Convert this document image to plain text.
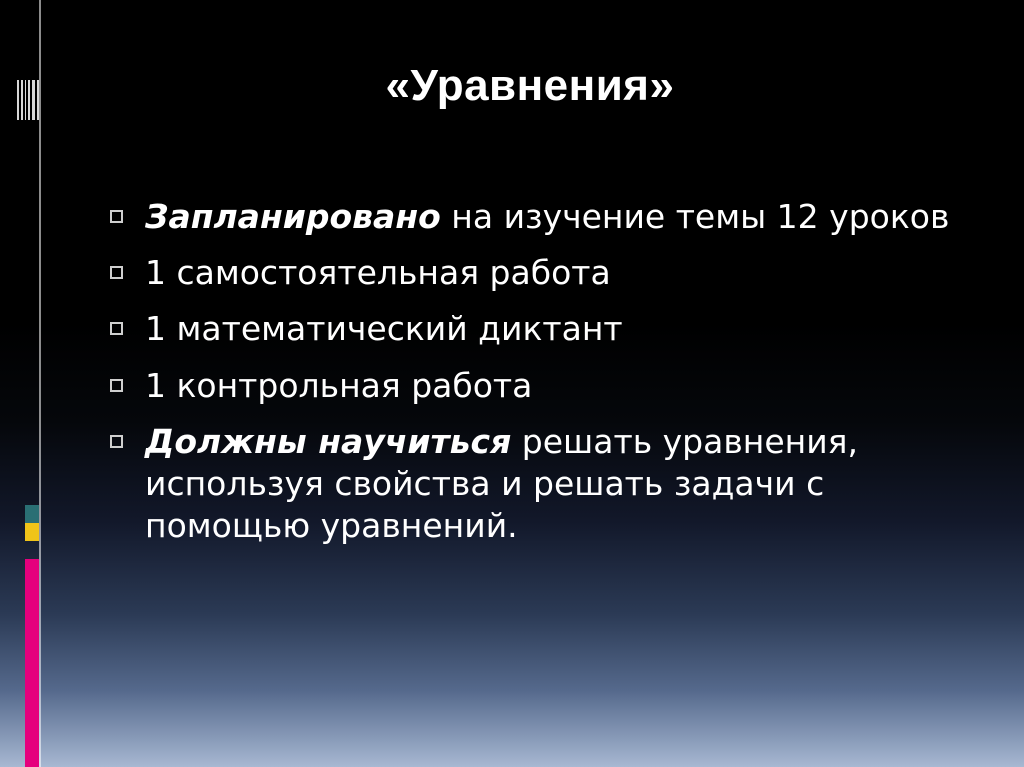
«Уравнения»
Запланировано на изучение темы 12 уроков
1 самостоятельная работа
1 математический диктант
1 контрольная работа
Должны научиться решать уравнения, используя свойства и решать задачи с помощью уравнений.
